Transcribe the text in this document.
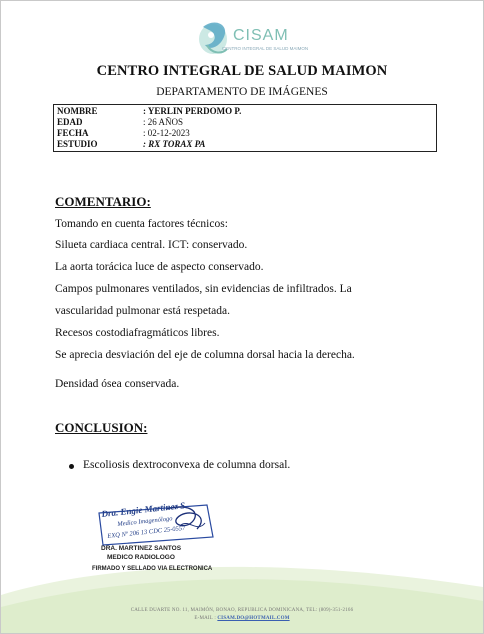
CISAM
CENTRO INTEGRAL DE SALUD MAIMON
CENTRO INTEGRAL DE SALUD MAIMON
DEPARTAMENTO DE IMÁGENES
NOMBRE	: YERLIN PERDOMO P.
EDAD	: 26 AÑOS
FECHA	: 02-12-2023
ESTUDIO	: RX TORAX PA
COMENTARIO:
Tomando en cuenta factores técnicos:
Silueta cardiaca central. ICT: conservado.
La aorta torácica luce de aspecto conservado.
Campos pulmonares ventilados, sin evidencias de infiltrados. La
vascularidad pulmonar está respetada.
Recesos costodiafragmáticos libres.
Se aprecia desviación del eje de columna dorsal hacia la derecha.
Densidad ósea conservada.
CONCLUSION:
Escoliosis dextroconvexa de columna dorsal.
Dra. Engie Martinez S.
Medico Imagenólogo
EXQ Nº 206 13 CDC 25-0557
DRA. MARTINEZ SANTOS
MEDICO RADIOLOGO
FIRMADO Y SELLADO VIA ELECTRONICA
CALLE DUARTE NO. 11, MAIMÓN, BONAO, REPUBLICA DOMINICANA, TEL: (809)-351-2166
E-MAIL : CISAM.DO@HOTMAIL.COM
